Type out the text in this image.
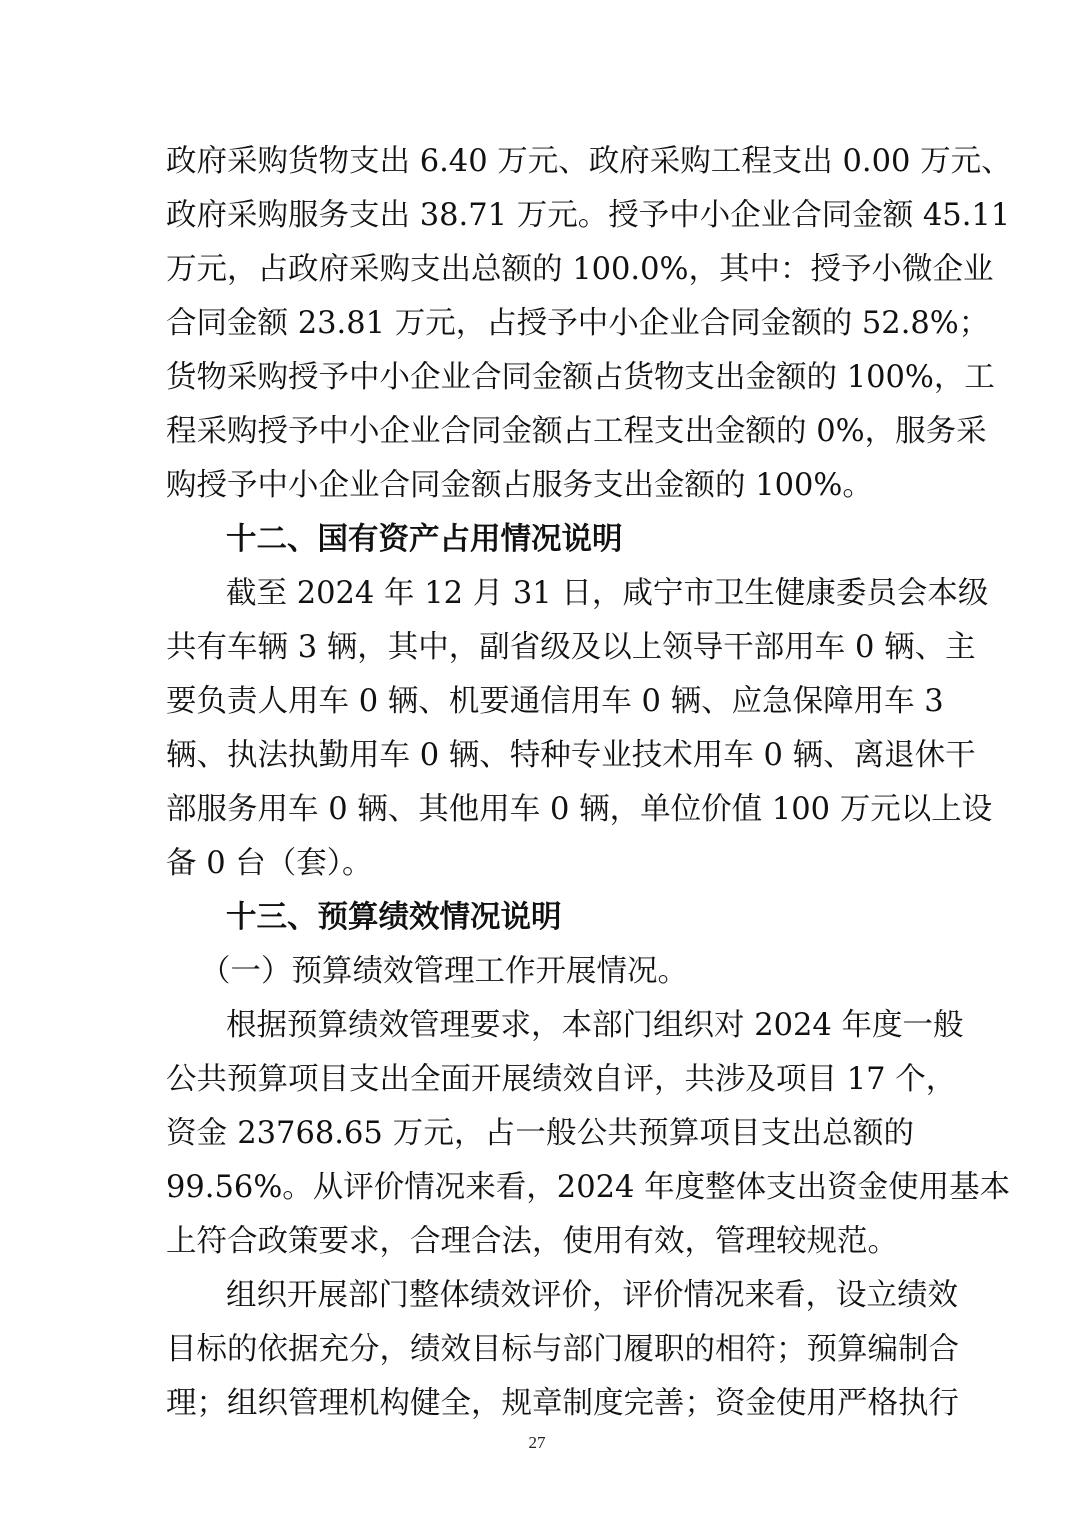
政府采购货物支出 6.40 万元、政府采购工程支出 0.00 万元、
政府采购服务支出 38.71 万元。授予中小企业合同金额 45.11
万元，占政府采购支出总额的 100.0%，其中：授予小微企业
合同金额 23.81 万元，占授予中小企业合同金额的 52.8%；
货物采购授予中小企业合同金额占货物支出金额的 100%，工
程采购授予中小企业合同金额占工程支出金额的 0%，服务采
购授予中小企业合同金额占服务支出金额的 100%。
十二、国有资产占用情况说明
截至 2024 年 12 月 31 日，咸宁市卫生健康委员会本级
共有车辆 3 辆，其中，副省级及以上领导干部用车 0 辆、主
要负责人用车 0 辆、机要通信用车 0 辆、应急保障用车 3
辆、执法执勤用车 0 辆、特种专业技术用车 0 辆、离退休干
部服务用车 0 辆、其他用车 0 辆，单位价值 100 万元以上设
备 0 台（套）。
十三、预算绩效情况说明
（一）预算绩效管理工作开展情况。
根据预算绩效管理要求，本部门组织对 2024 年度一般
公共预算项目支出全面开展绩效自评，共涉及项目 17 个，
资金 23768.65 万元，占一般公共预算项目支出总额的
99.56%。从评价情况来看，2024 年度整体支出资金使用基本
上符合政策要求，合理合法，使用有效，管理较规范。
组织开展部门整体绩效评价，评价情况来看，设立绩效
目标的依据充分，绩效目标与部门履职的相符；预算编制合
理；组织管理机构健全，规章制度完善；资金使用严格执行
27
